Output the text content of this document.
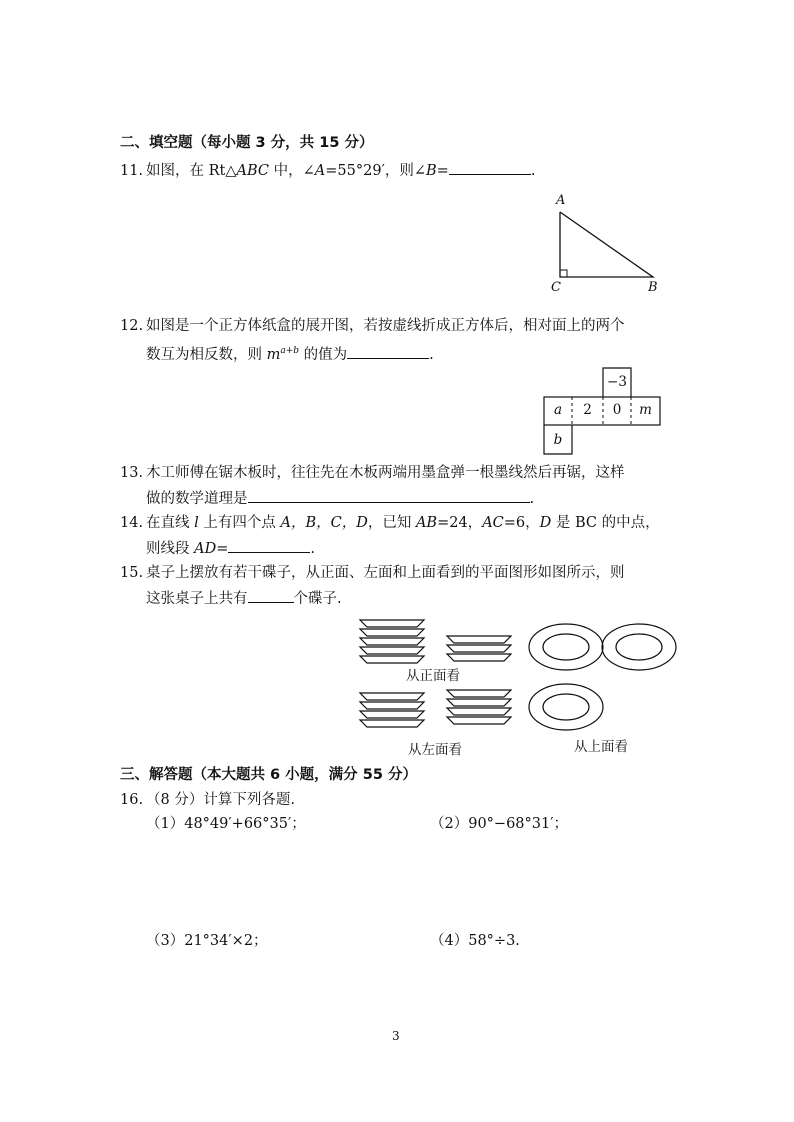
二、填空题（每小题 3 分，共 15 分）
11. 如图，在 Rt△ABC 中，∠A=55°29′，则∠B=	.
A
C	B
12. 如图是一个正方体纸盒的展开图，若按虚线折成正方体后，相对面上的两个
数互为相反数，则 $m^{a+b}$ 的值为	.
−3
a	2	0	m
b
13. 木工师傅在锯木板时，往往先在木板两端用墨盒弹一根墨线然后再锯，这样
做的数学道理是	.
14. 在直线 l 上有四个点 A，B，C，D，已知 AB=24，AC=6，D 是 BC 的中点，
则线段 AD=	.
15. 桌子上摆放有若干碟子，从正面、左面和上面看到的平面图形如图所示，则
这张桌子上共有	个碟子.
从正面看
从左面看	从上面看
三、解答题（本大题共 6 小题，满分 55 分）
16. （8 分）计算下列各题.
（1）48°49′+66°35′；	（2）90°−68°31′；
（3）21°34′×2；	（4）58°÷3.
3
